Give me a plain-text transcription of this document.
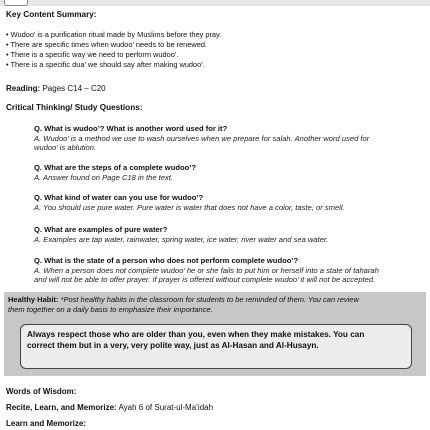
Key Content Summary:
• Wudoo’ is a purification ritual made by Muslims before they pray.
• There are specific times when wudoo’ needs to be renewed.
• There is a specific way we need to perform wudoo’.
• There is a specific dua’ we should say after making wudoo’.
Reading: Pages C14 – C20
Critical Thinking/ Study Questions:
Q. What is wudoo’? What is another word used for it?
A. Wudoo’ is a method we use to wash ourselves when we prepare for salah. Another word used for
wudoo’ is ablution.
Q. What are the steps of a complete wudoo’?
A. Answer found on Page C18 in the text.
Q. What kind of water can you use for wudoo’?
A. You should use pure water. Pure water is water that does not have a color, taste, or smell.
Q. What are examples of pure water?
A. Examples are tap water, rainwater, spring water, ice water, river water and sea water.
Q. What is the state of a person who does not perform complete wudoo’?
A. When a person does not complete wudoo’ he or she fails to put him or herself into a state of taharah
and will not be able to offer prayer. If prayer is offered without complete wudoo’ it will not be accepted.
Healthy Habit: *Post healthy habits in the classroom for students to be reminded of them. You can review
them together on a daily basis to emphasize their importance.
Always respect those who are older than you, even when they make mistakes. You can
correct them but in a very, very polite way, just as Al-Hasan and Al-Husayn.
Words of Wisdom:
Recite, Learn, and Memorize: Ayah 6 of Surat-ul-Ma’idah
Learn and Memorize:
